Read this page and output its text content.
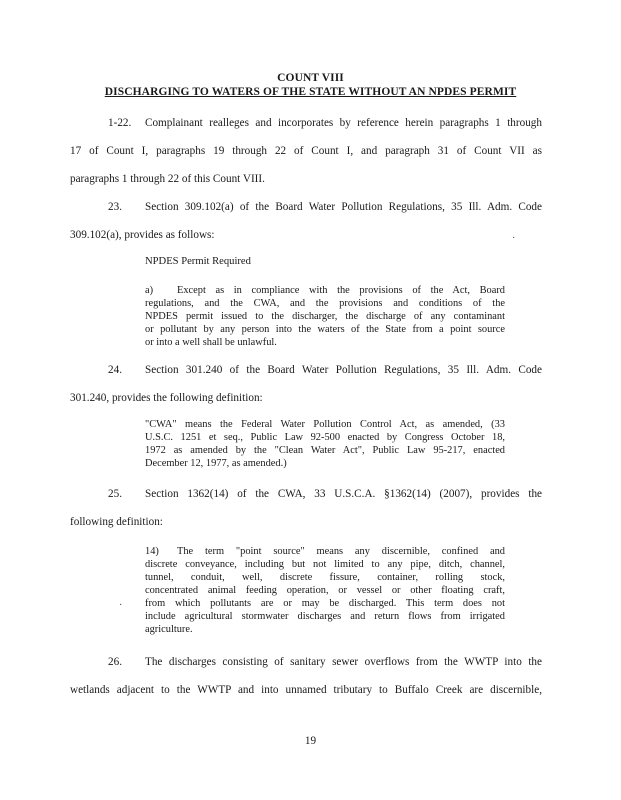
COUNT VIII
DISCHARGING TO WATERS OF THE STATE WITHOUT AN NPDES PERMIT
1-22. Complainant realleges and incorporates by reference herein paragraphs 1 through
17 of Count I, paragraphs 19 through 22 of Count I, and paragraph 31 of Count VII as
paragraphs 1 through 22 of this Count VIII.
23. Section 309.102(a) of the Board Water Pollution Regulations, 35 Ill. Adm. Code
309.102(a), provides as follows:
NPDES Permit Required
a) Except as in compliance with the provisions of the Act, Board
regulations, and the CWA, and the provisions and conditions of the
NPDES permit issued to the discharger, the discharge of any contaminant
or pollutant by any person into the waters of the State from a point source
or into a well shall be unlawful.
24. Section 301.240 of the Board Water Pollution Regulations, 35 Ill. Adm. Code
301.240, provides the following definition:
"CWA" means the Federal Water Pollution Control Act, as amended, (33
U.S.C. 1251 et seq., Public Law 92-500 enacted by Congress October 18,
1972 as amended by the "Clean Water Act", Public Law 95-217, enacted
December 12, 1977, as amended.)
25. Section 1362(14) of the CWA, 33 U.S.C.A. §1362(14) (2007), provides the
following definition:
14) The term "point source" means any discernible, confined and
discrete conveyance, including but not limited to any pipe, ditch, channel,
tunnel, conduit, well, discrete fissure, container, rolling stock,
concentrated animal feeding operation, or vessel or other floating craft,
from which pollutants are or may be discharged. This term does not
include agricultural stormwater discharges and return flows from irrigated
agriculture.
26. The discharges consisting of sanitary sewer overflows from the WWTP into the
wetlands adjacent to the WWTP and into unnamed tributary to Buffalo Creek are discernible,
·
·
19
